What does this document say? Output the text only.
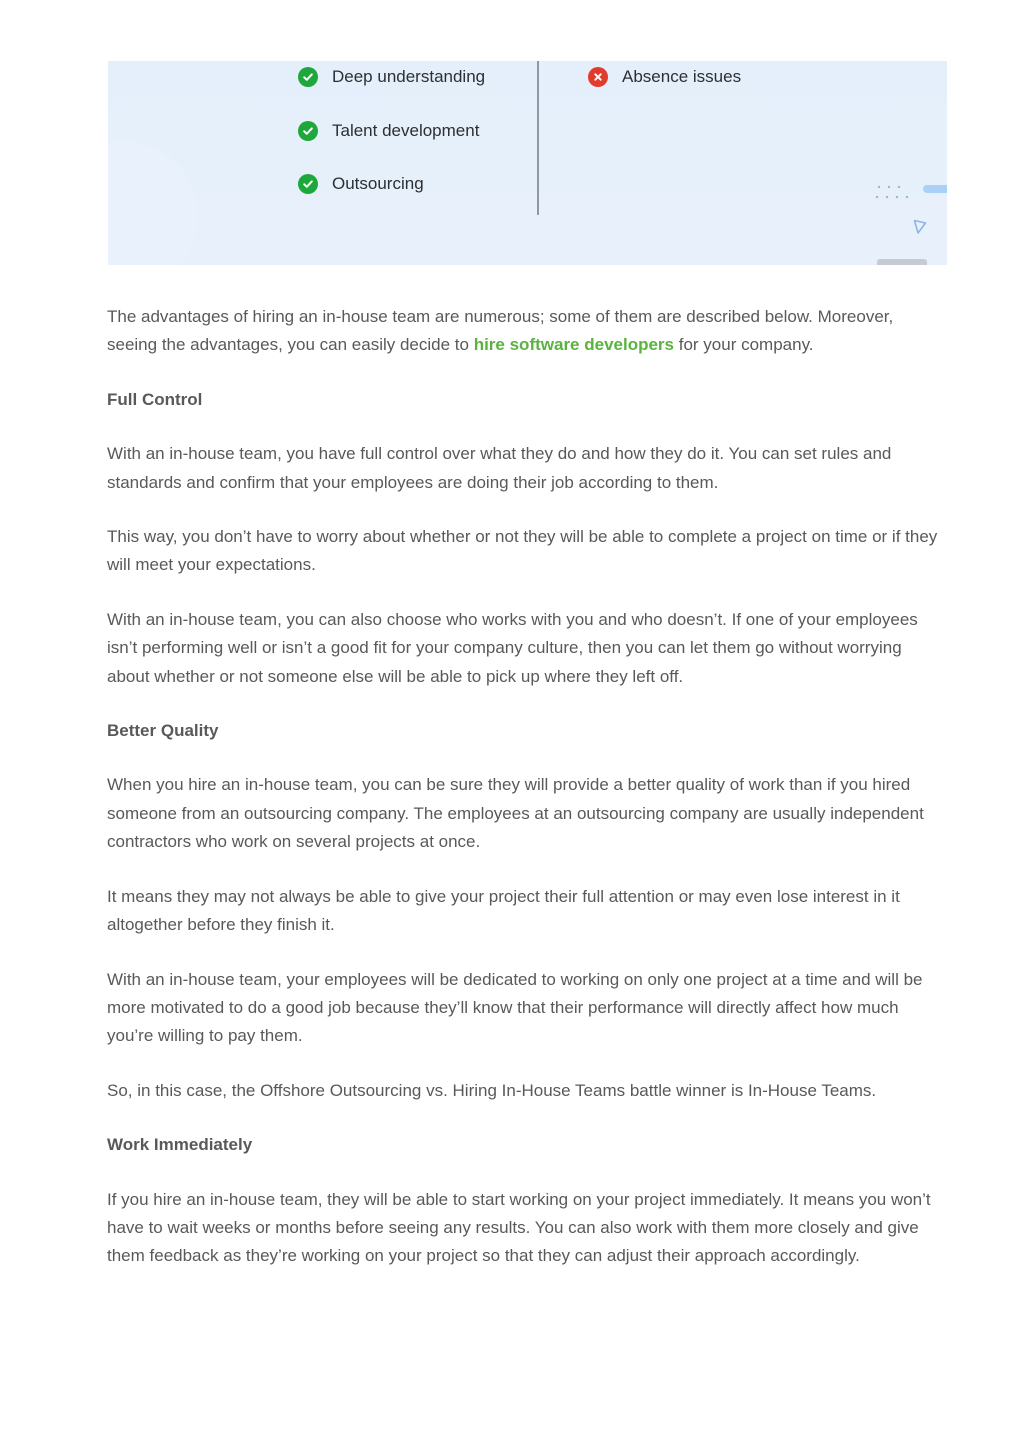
Deep understanding
Talent development
Outsourcing
Absence issues

The advantages of hiring an in-house team are numerous; some of them are described below. Moreover, seeing the advantages, you can easily decide to hire software developers for your company.

Full Control

With an in-house team, you have full control over what they do and how they do it. You can set rules and standards and confirm that your employees are doing their job according to them.

This way, you don’t have to worry about whether or not they will be able to complete a project on time or if they will meet your expectations.

With an in-house team, you can also choose who works with you and who doesn’t. If one of your employees isn’t performing well or isn’t a good fit for your company culture, then you can let them go without worrying about whether or not someone else will be able to pick up where they left off.

Better Quality

When you hire an in-house team, you can be sure they will provide a better quality of work than if you hired someone from an outsourcing company. The employees at an outsourcing company are usually independent contractors who work on several projects at once.

It means they may not always be able to give your project their full attention or may even lose interest in it altogether before they finish it.

With an in-house team, your employees will be dedicated to working on only one project at a time and will be more motivated to do a good job because they’ll know that their performance will directly affect how much you’re willing to pay them.

So, in this case, the Offshore Outsourcing vs. Hiring In-House Teams battle winner is In-House Teams.

Work Immediately

If you hire an in-house team, they will be able to start working on your project immediately. It means you won’t have to wait weeks or months before seeing any results. You can also work with them more closely and give them feedback as they’re working on your project so that they can adjust their approach accordingly.
